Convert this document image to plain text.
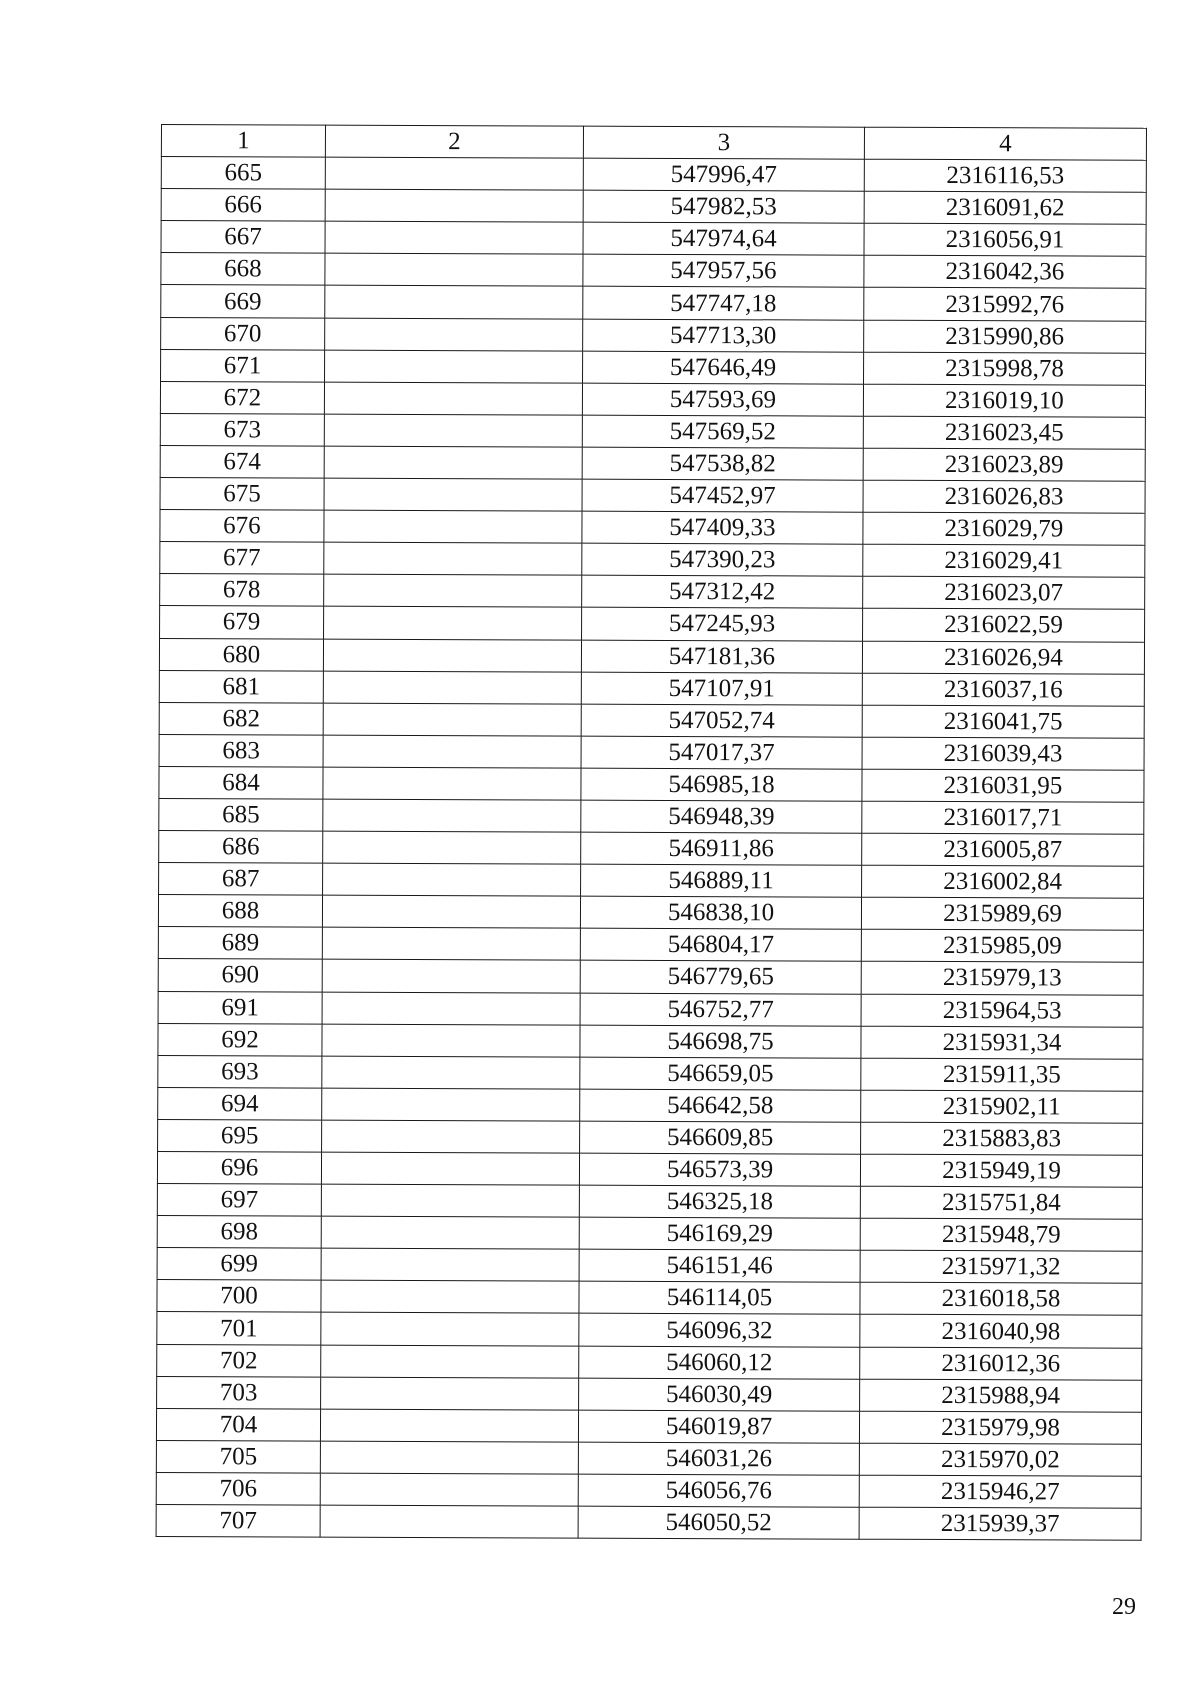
1	2	3	4
665		547996,47	2316116,53
666		547982,53	2316091,62
667		547974,64	2316056,91
668		547957,56	2316042,36
669		547747,18	2315992,76
670		547713,30	2315990,86
671		547646,49	2315998,78
672		547593,69	2316019,10
673		547569,52	2316023,45
674		547538,82	2316023,89
675		547452,97	2316026,83
676		547409,33	2316029,79
677		547390,23	2316029,41
678		547312,42	2316023,07
679		547245,93	2316022,59
680		547181,36	2316026,94
681		547107,91	2316037,16
682		547052,74	2316041,75
683		547017,37	2316039,43
684		546985,18	2316031,95
685		546948,39	2316017,71
686		546911,86	2316005,87
687		546889,11	2316002,84
688		546838,10	2315989,69
689		546804,17	2315985,09
690		546779,65	2315979,13
691		546752,77	2315964,53
692		546698,75	2315931,34
693		546659,05	2315911,35
694		546642,58	2315902,11
695		546609,85	2315883,83
696		546573,39	2315949,19
697		546325,18	2315751,84
698		546169,29	2315948,79
699		546151,46	2315971,32
700		546114,05	2316018,58
701		546096,32	2316040,98
702		546060,12	2316012,36
703		546030,49	2315988,94
704		546019,87	2315979,98
705		546031,26	2315970,02
706		546056,76	2315946,27
707		546050,52	2315939,37
29
